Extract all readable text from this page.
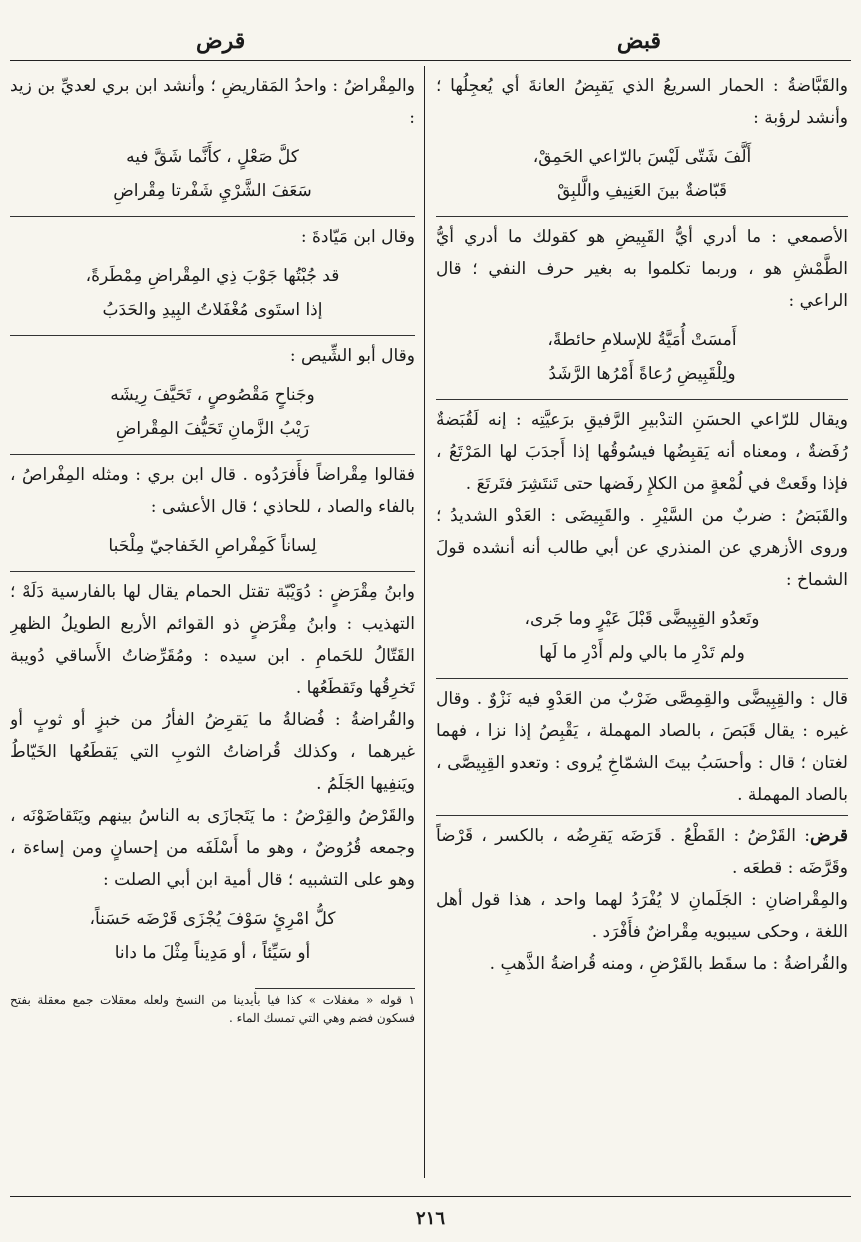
قبض

قرض

والقَبَّاضةُ : الحمار السريعُ الذي يَقبِضُ العانةَ أي يُعجِلُها ؛ وأنشد لرؤبة :

أَلَّفَ شَتّى لَيْسَ بالرّاعي الحَمِقْ،
قَبّاضةٌ بينَ العَنِيفِ والَّلبِقْ

الأصمعي : ما أدري أيُّ القَبِيضِ هو كقولك ما أدري أيُّ الطَّمْشِ هو ، وربما تكلموا به بغير حرف النفي ؛ قال الراعي :

أَمسَتْ أُمَيَّةُ للإسلامِ حائطةً،
ولِلْقَبِيضِ رُعاةً أَمْرُها الرَّشَدُ

ويقال للرّاعي الحسَنِ التدْبيرِ الرَّفيقِ برَعيَّتِه : إنه لَقُبَضةٌ رُفَضةٌ ، ومعناه أنه يَقبِضُها فيسُوقُها إذا أَجدَبَ لها المَرْتَعُ ، فإذا وقَعتْ في لُمْعةٍ من الكلإِ رفَضها حتى تَنتَشِرَ فتَرتَعَ .

والقَبَضُ : ضربٌ من السَّيْرِ . والقَبِيضَى : العَدْو الشديدُ ؛ وروى الأزهري عن المنذري عن أبي طالب أنه أنشده قولَ الشماخ :

وتَعدُو القِبِيضَّى قَبْلَ عَيْرٍ وما جَرى،
ولم تَدْرِ ما بالي ولم أَدْرِ ما لَها

قال : والقِبِيضَّى والقِمِصَّى ضَرْبٌ من العَدْوِ فيه نَزْوٌ . وقال غيره : يقال قَبَصَ ، بالصاد المهملة ، يَقْبِصُ إذا نزا ، فهما لغتان ؛ قال : وأحسَبُ بيتَ الشمّاخِ يُروى : وتعدو القِبِيصَّى ، بالصاد المهملة .

قرض: القَرْضُ : القَطْعُ . قَرَضَه يَقرِضُه ، بالكسر ، قَرْضاً وقَرَّضَه : قطعَه .

والمِقْراضانِ : الجَلَمانِ لا يُفْرَدُ لهما واحد ، هذا قول أهل اللغة ، وحكى سيبويه مِقْراضٌ فأَفْرَد .

والقُراضةُ : ما سقَط بالقَرْضِ ، ومنه قُراضةُ الذَّهبِ .

والمِقْراضُ : واحدُ المَقاريضِ ؛ وأنشد ابن بري لعديِّ بن زيد :

كلَّ صَعْلٍ ، كأَنَّما شَقَّ فيه
سَعَفَ الشَّرْيِ شَفْرتا مِقْراضِ

وقال ابن مَيّادةَ :

قد جُبْتُها جَوْبَ ذِي المِقْراضِ مِمْطَرةً،
إذا استَوى مُغْفَلاتُ البِيدِ والحَدَبُ

وقال أبو الشِّيص :

وجَناحٍ مَقْصُوصٍ ، تَحَيَّفَ رِيشَه
رَيْبُ الزَّمانِ تَحَيُّفَ المِقْراضِ

فقالوا مِقْراضاً فأَفرَدُوه . قال ابن بري : ومثله المِفْراصُ ، بالفاء والصاد ، للحاذي ؛ قال الأعشى :

لِساناً كَمِفْراصِ الخَفاجيّ مِلْحَبا

وابنُ مِقْرَضٍ : دُوَيْبّة تقتل الحمام يقال لها بالفارسية دَلَهْ ؛ التهذيب : وابنُ مِقْرَضٍ ذو القوائم الأربع الطويلُ الظهرِ القَتّالُ للحَمامِ . ابن سيده : ومُقَرِّضاتُ الأَساقي دُويبة تَخرِقُها وتَقطَعُها .

والقُراضةُ : فُضالةُ ما يَقرِضُ الفأرُ من خبزٍ أو ثوبٍ أو غيرهما ، وكذلك قُراضاتُ الثوبِ التي يَقطَعُها الخَيّاطُ ويَنفِيها الجَلَمُ .

والقَرْضُ والقِرْضُ : ما يَتَجازَى به الناسُ بينهم ويَتَقاضَوْنَه ، وجمعه قُرُوضٌ ، وهو ما أَسْلَفَه من إحسانٍ ومن إساءة ، وهو على التشبيه ؛ قال أمية ابن أبي الصلت :

كلُّ امْرِئٍ سَوْفَ يُجْزَى قَرْضَه حَسَناً،
أو سَيِّئاً ، أو مَدِيناً مِثْلَ ما دانا

١ قوله « مغفلات » كذا فيا بأيدينا من النسخ ولعله معقلات جمع معقلة بفتح فسكون فضم وهي التي تمسك الماء .

٢١٦
